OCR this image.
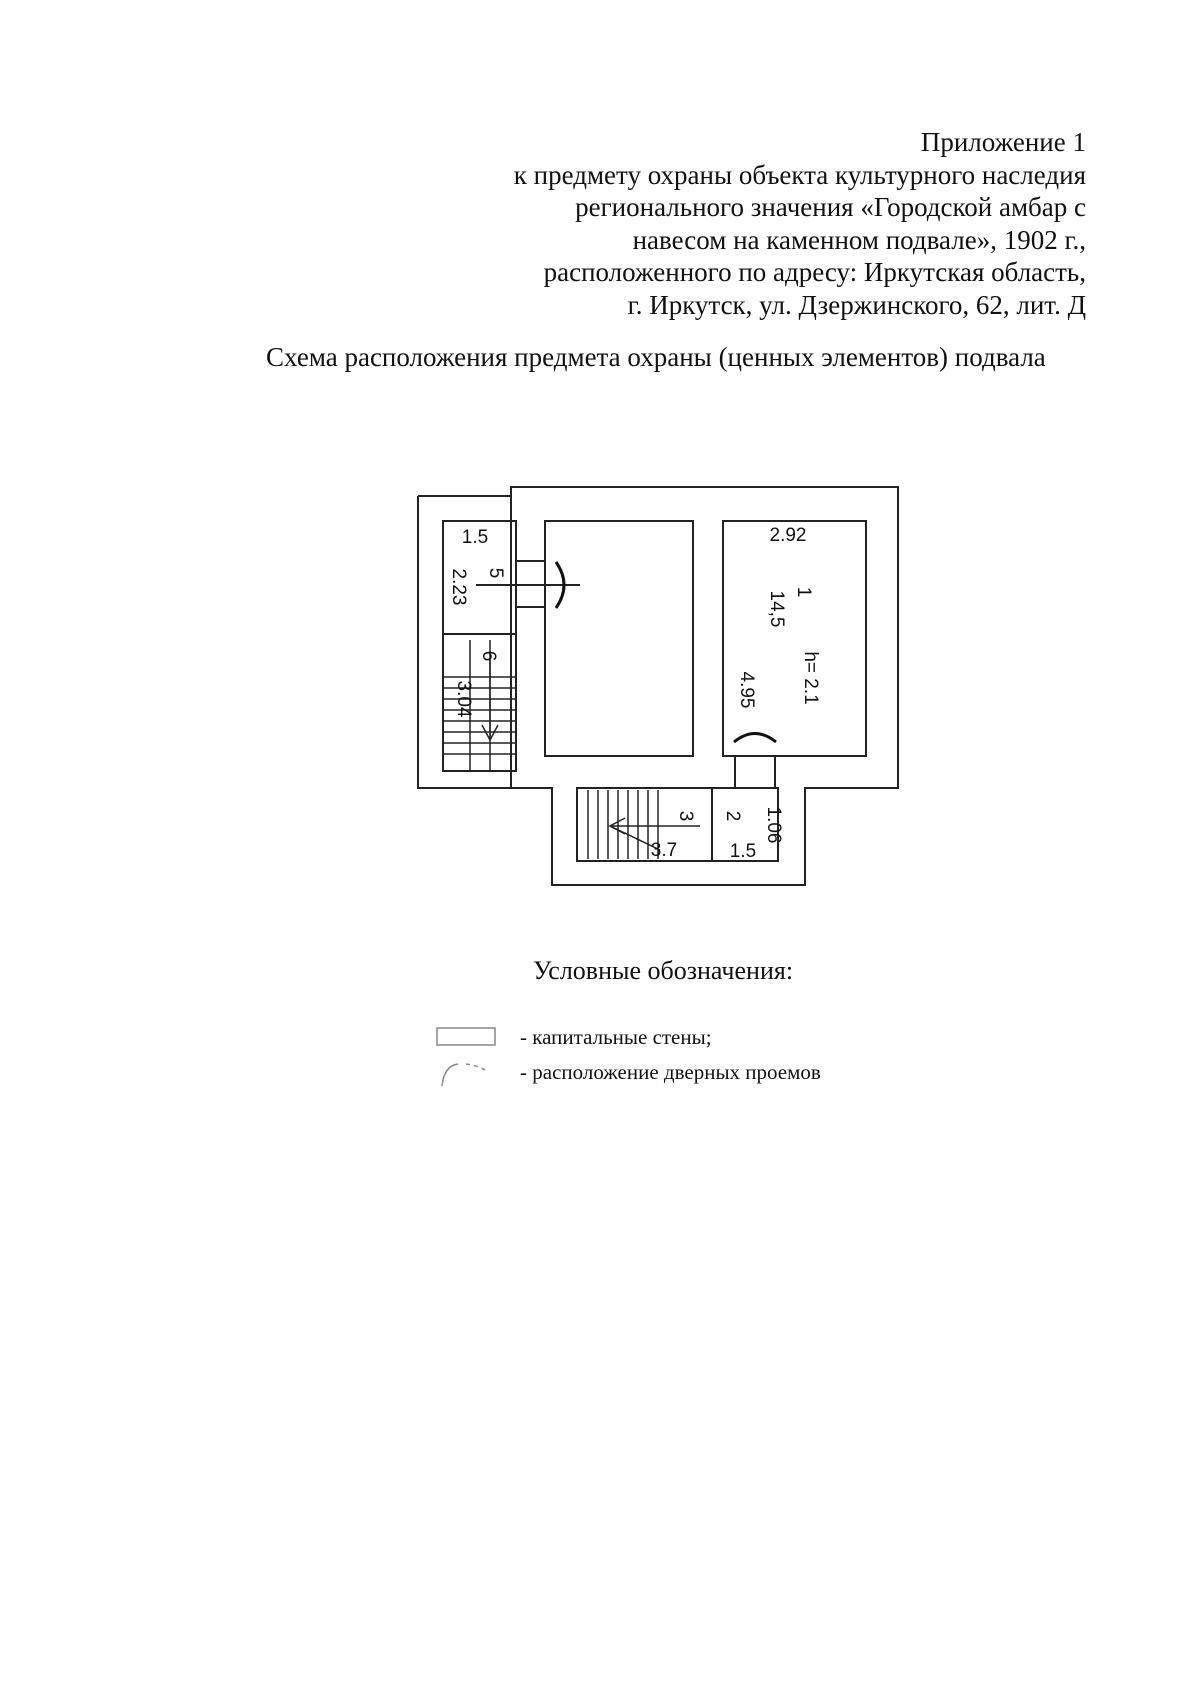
Приложение 1
к предмету охраны объекта культурного наследия
регионального значения «Городской амбар с
навесом на каменном подвале», 1902 г.,
расположенного по адресу: Иркутская область,
г. Иркутск, ул. Дзержинского, 62, лит. Д
Схема расположения предмета охраны (ценных элементов) подвала
1.5
5
2.23
6
3.04
2.92
1
14,5
h= 2.1
4.95
3
3.7
2 1.06
1.5
Условные обозначения:
- капитальные стены;
- расположение дверных проемов
